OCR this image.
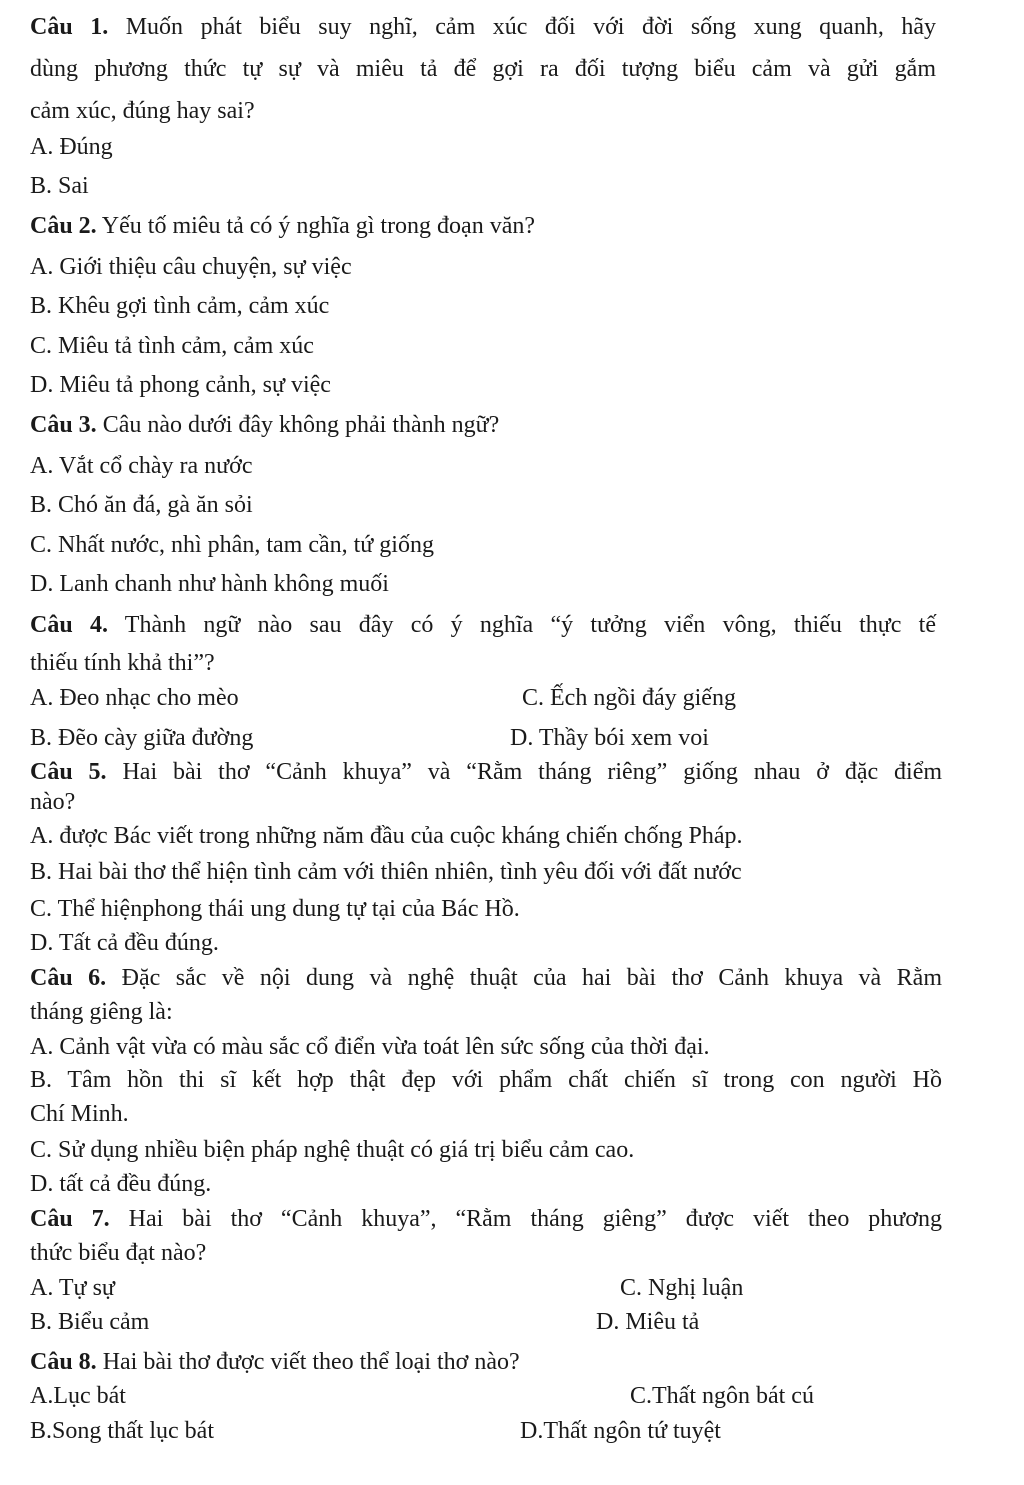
Câu 1. Muốn phát biểu suy nghĩ, cảm xúc đối với đời sống xung quanh, hãy
dùng phương thức tự sự và miêu tả để gợi ra đối tượng biểu cảm và gửi gắm
cảm xúc, đúng hay sai?
A. Đúng
B. Sai
Câu 2. Yếu tố miêu tả có ý nghĩa gì trong đoạn văn?
A. Giới thiệu câu chuyện, sự việc
B. Khêu gợi tình cảm, cảm xúc
C. Miêu tả tình cảm, cảm xúc
D. Miêu tả phong cảnh, sự việc
Câu 3. Câu nào dưới đây không phải thành ngữ?
A. Vắt cổ chày ra nước
B. Chó ăn đá, gà ăn sỏi
C. Nhất nước, nhì phân, tam cần, tứ giống
D. Lanh chanh như hành không muối
Câu 4. Thành ngữ nào sau đây có ý nghĩa “ý tưởng viển vông, thiếu thực tế
thiếu tính khả thi”?
A. Đeo nhạc cho mèo	C. Ếch ngồi đáy giếng
B. Đẽo cày giữa đường	D. Thầy bói xem voi
Câu 5. Hai bài thơ “Cảnh khuya” và “Rằm tháng riêng” giống nhau ở đặc điểm
nào?
A. được Bác viết trong những năm đầu của cuộc kháng chiến chống Pháp.
B. Hai bài thơ thể hiện tình cảm với thiên nhiên, tình yêu đối với đất nước
C. Thể hiệnphong thái ung dung tự tại của Bác Hồ.
D. Tất cả đều đúng.
Câu 6. Đặc sắc về nội dung và nghệ thuật của hai bài thơ Cảnh khuya và Rằm
tháng giêng là:
A. Cảnh vật vừa có màu sắc cổ điển vừa toát lên sức sống của thời đại.
B. Tâm hồn thi sĩ kết hợp thật đẹp với phẩm chất chiến sĩ trong con người Hồ
Chí Minh.
C. Sử dụng nhiều biện pháp nghệ thuật có giá trị biểu cảm cao.
D. tất cả đều đúng.
Câu 7. Hai bài thơ “Cảnh khuya”, “Rằm tháng giêng” được viết theo phương
thức biểu đạt nào?
A. Tự sự	C. Nghị luận
B. Biểu cảm	D. Miêu tả
Câu 8. Hai bài thơ được viết theo thể loại thơ nào?
A.Lục bát	C.Thất ngôn bát cú
B.Song thất lục bát	D.Thất ngôn tứ tuyệt
